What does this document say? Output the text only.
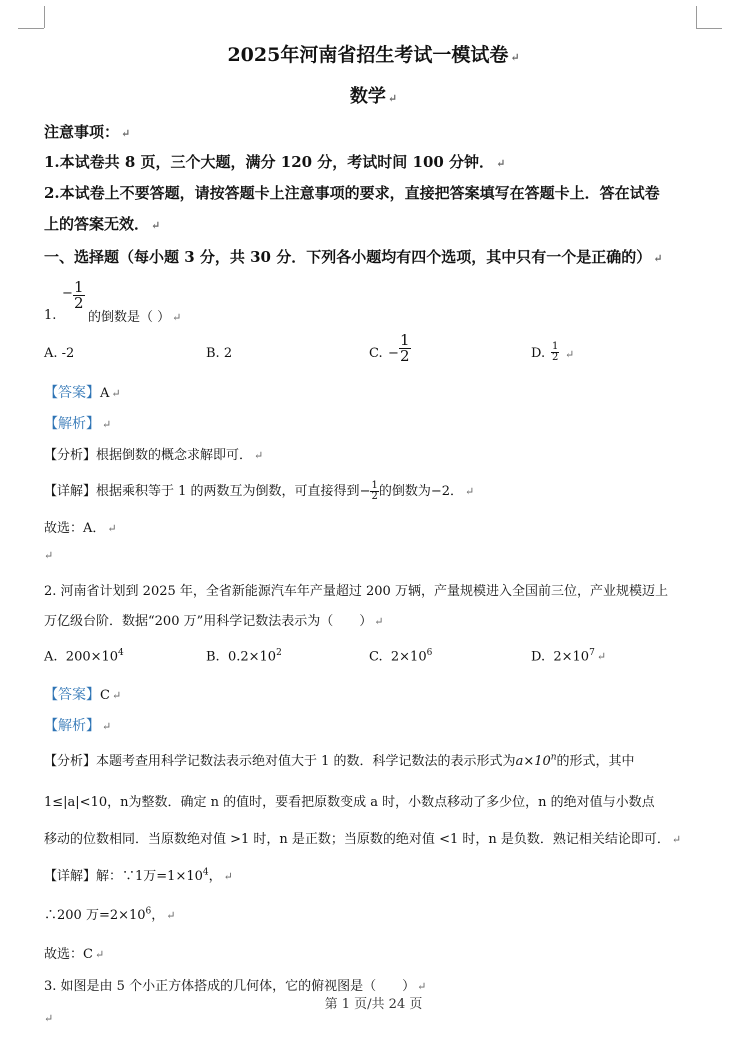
2025年河南省招生考试一模试卷 ↵
数学 ↵
注意事项： ↵
1.本试卷共 8 页，三个大题，满分 120 分，考试时间 100 分钟． ↵
2.本试卷上不要答题，请按答题卡上注意事项的要求，直接把答案填写在答题卡上．答在试卷
上的答案无效． ↵
一、选择题（每小题 3 分，共 30 分．下列各小题均有四个选项，其中只有一个是正确的） ↵
− $\frac{1}{2}$
1. 的倒数是（ ） ↵
A. -2	B. 2	C. − $\frac{1}{2}$	D. $\frac{1}{2}$ ↵
【答案】A ↵
【解析】 ↵
【分析】根据倒数的概念求解即可． ↵
【详解】根据乘积等于 1 的两数互为倒数，可直接得到− $\frac{1}{2}$ 的倒数为−2． ↵
故选：A． ↵
↵
2. 河南省计划到 2025 年，全省新能源汽车年产量超过 200 万辆，产量规模进入全国前三位，产业规模迈上
万亿级台阶．数据“200 万”用科学记数法表示为（　　） ↵
A. $200\times 10^4$	B. $0.2\times 10^2$	C. $2\times 10^6$	D. $2\times 10^7$ ↵
【答案】C ↵
【解析】 ↵
【分析】本题考查用科学记数法表示绝对值大于 1 的数．科学记数法的表示形式为$a\times 10^n$的形式，其中
1≤|a|<10，n为整数．确定 n 的值时，要看把原数变成 a 时，小数点移动了多少位，n 的绝对值与小数点
移动的位数相同．当原数绝对值 >1 时，n 是正数；当原数的绝对值 <1 时，n 是负数．熟记相关结论即可． ↵
【详解】解：∵1万$=1\times 10^4$， ↵
∴200 万$=2\times 10^6$， ↵
故选：C ↵
3. 如图是由 5 个小正方体搭成的几何体，它的俯视图是（　　） ↵
第 1 页/共 24 页
↵
